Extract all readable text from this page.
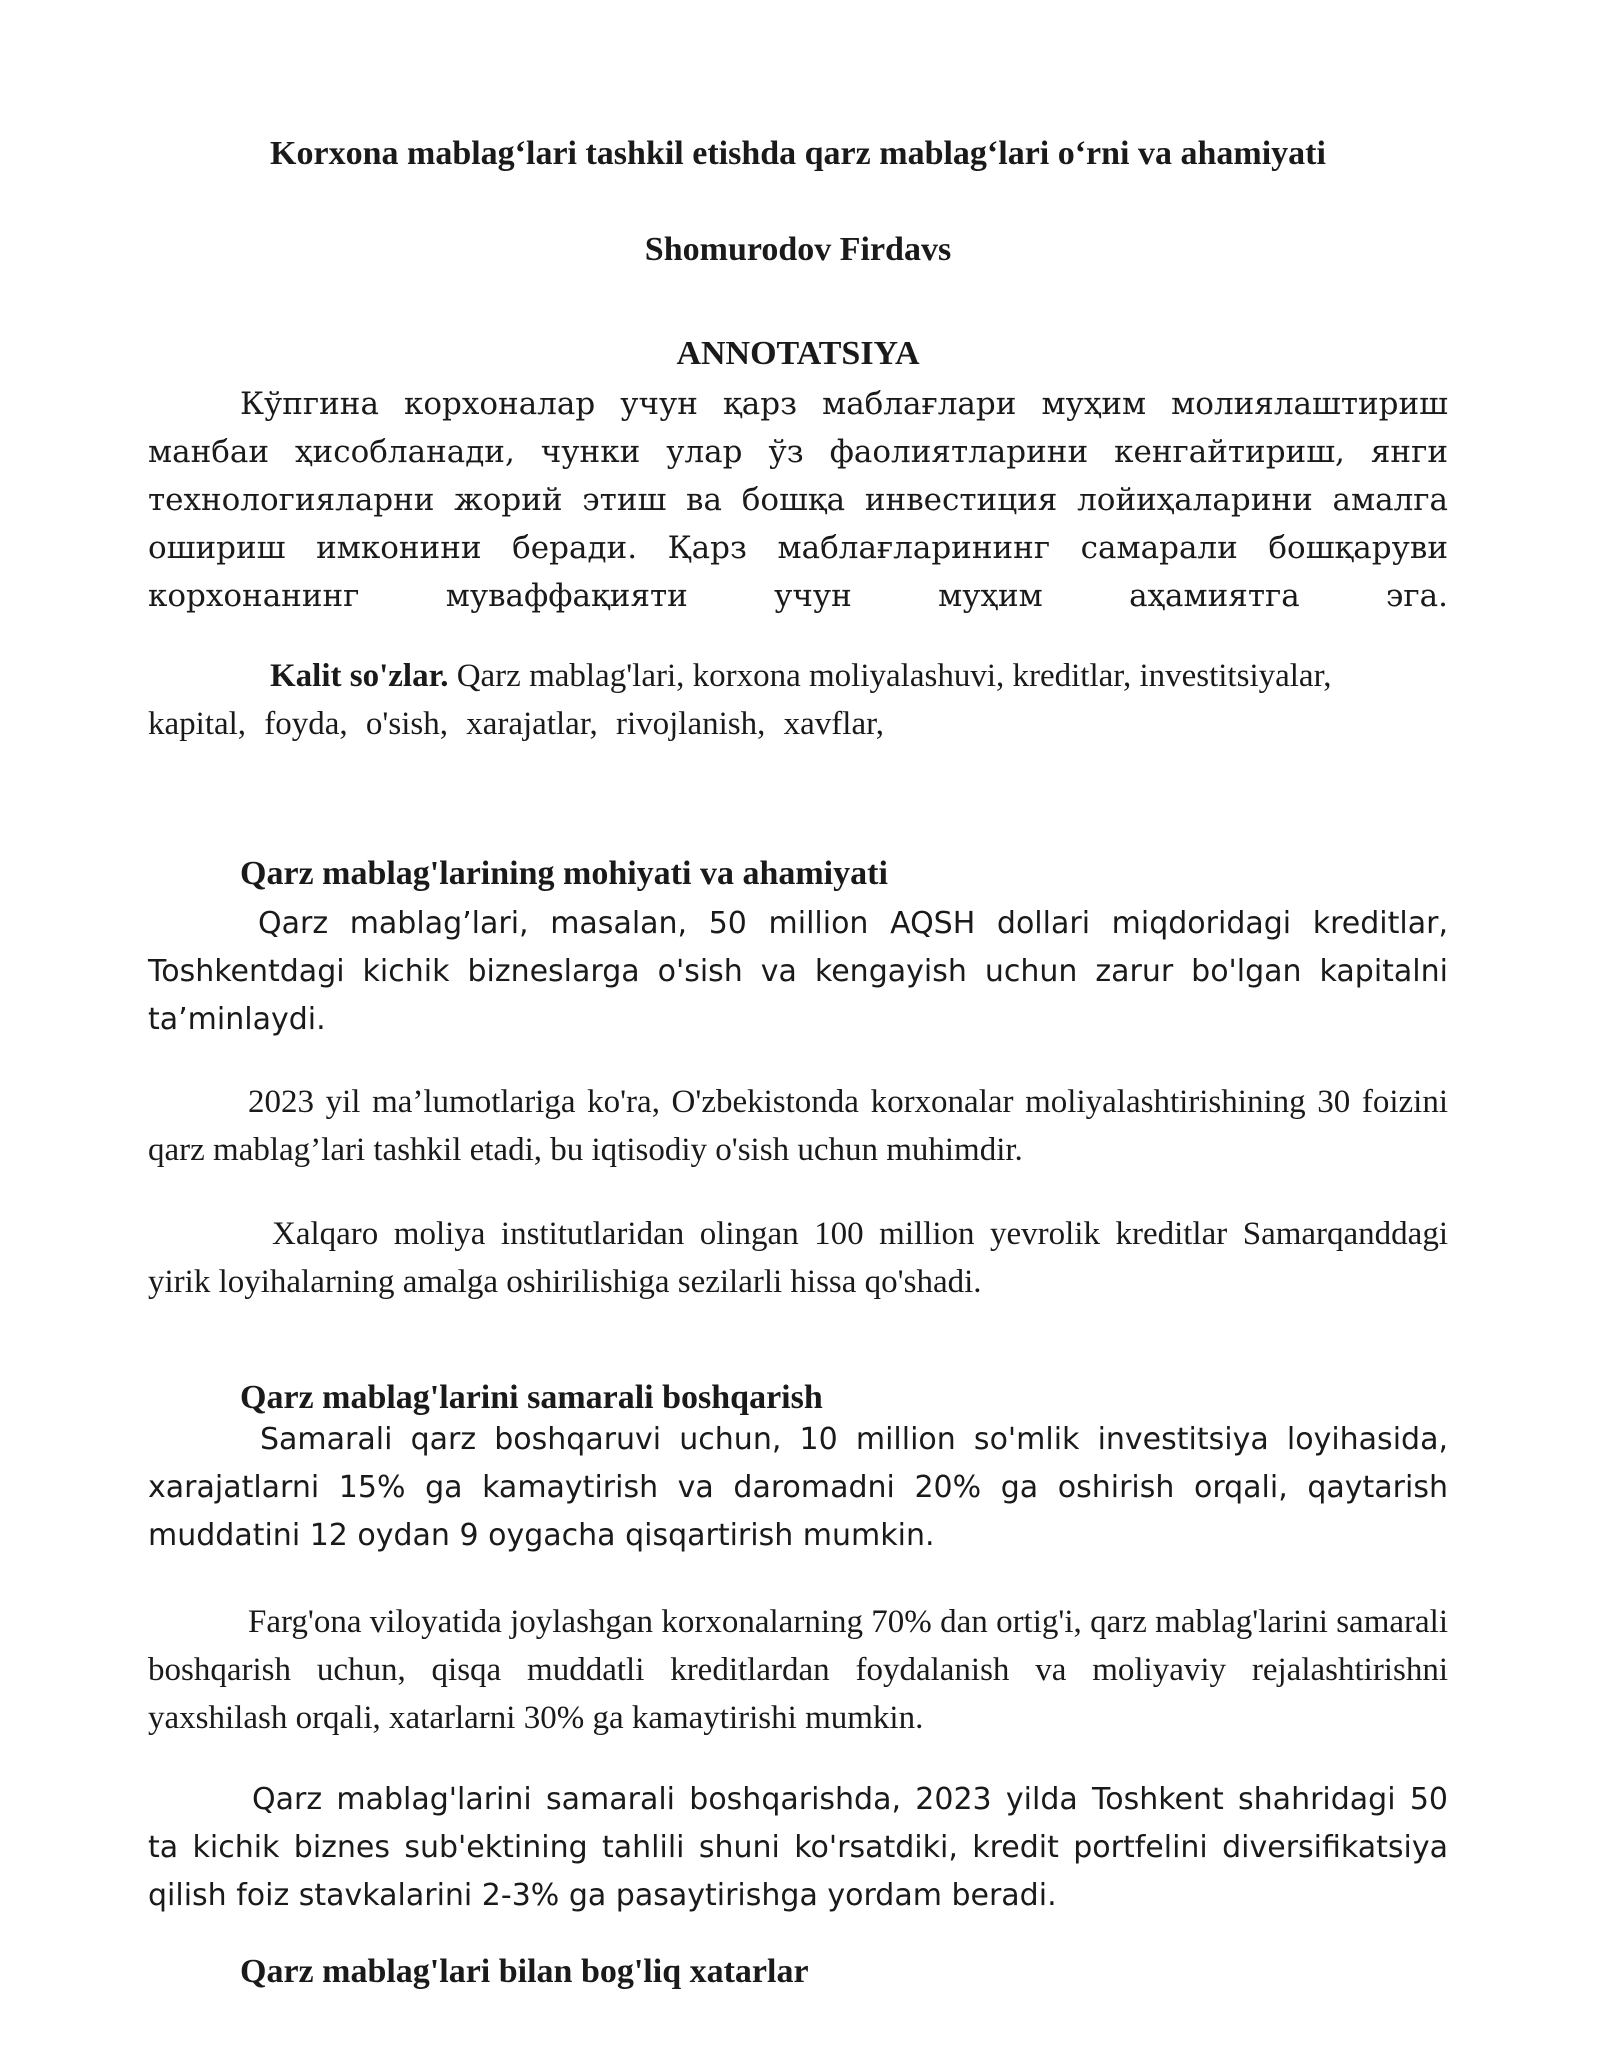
Korxona mablag‘lari tashkil etishda qarz mablag‘lari o‘rni va ahamiyati
Shomurodov Firdavs
ANNOTATSIYA
Кўпгина корхоналар учун қарз маблағлари муҳим молиялаштириш манбаи ҳисобланади, чунки улар ўз фаолиятларини кенгайтириш, янги технологияларни жорий этиш ва бошқа инвестиция лойиҳаларини амалга ошириш имконини беради. Қарз маблағларининг самарали бошқаруви корхонанинг муваффақияти учун муҳим аҳамиятга эга.
Kalit so'zlar. Qarz mablag'lari, korxona moliyalashuvi, kreditlar, investitsiyalar,
kapital, foyda, o'sish, xarajatlar, rivojlanish, xavflar,
Qarz mablag'larining mohiyati va ahamiyati
Qarz mablag’lari, masalan, 50 million AQSH dollari miqdoridagi kreditlar, Toshkentdagi kichik bizneslarga o'sish va kengayish uchun zarur bo'lgan kapitalni ta’minlaydi.
2023 yil ma’lumotlariga ko'ra, O'zbekistonda korxonalar moliyalashtirishining 30 foizini qarz mablag’lari tashkil etadi, bu iqtisodiy o'sish uchun muhimdir.
Xalqaro moliya institutlaridan olingan 100 million yevrolik kreditlar Samarqanddagi yirik loyihalarning amalga oshirilishiga sezilarli hissa qo'shadi.
Qarz mablag'larini samarali boshqarish
Samarali qarz boshqaruvi uchun, 10 million so'mlik investitsiya loyihasida, xarajatlarni 15% ga kamaytirish va daromadni 20% ga oshirish orqali, qaytarish muddatini 12 oydan 9 oygacha qisqartirish mumkin.
Farg'ona viloyatida joylashgan korxonalarning 70% dan ortig'i, qarz mablag'larini samarali boshqarish uchun, qisqa muddatli kreditlardan foydalanish va moliyaviy rejalashtirishni yaxshilash orqali, xatarlarni 30% ga kamaytirishi mumkin.
Qarz mablag'larini samarali boshqarishda, 2023 yilda Toshkent shahridagi 50 ta kichik biznes sub'ektining tahlili shuni ko'rsatdiki, kredit portfelini diversifikatsiya qilish foiz stavkalarini 2-3% ga pasaytirishga yordam beradi.
Qarz mablag'lari bilan bog'liq xatarlar
